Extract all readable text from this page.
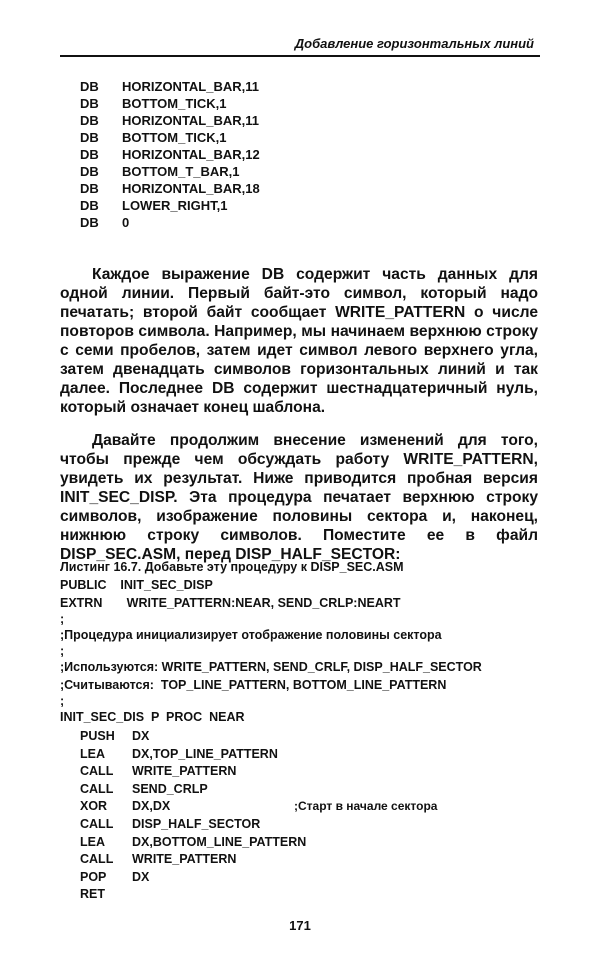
Добавление горизонтальных линий
DB	HORIZONTAL_BAR,11
DB	BOTTOM_TICK,1
DB	HORIZONTAL_BAR,11
DB	BOTTOM_TICK,1
DB	HORIZONTAL_BAR,12
DB	BOTTOM_T_BAR,1
DB	HORIZONTAL_BAR,18
DB	LOWER_RIGHT,1
DB	0

Каждое выражение DB содержит часть данных для одной линии. Первый байт-это символ, который надо печатать; второй байт сообщает WRITE_PATTERN о числе повторов символа. Например, мы начинаем верхнюю строку с семи пробелов, затем идет символ левого верхнего угла, затем двенадцать символов горизонтальных линий и так далее. Последнее DB содержит шестнадцатеричный нуль, который означает конец шаблона.

Давайте продолжим внесение изменений для того, чтобы прежде чем обсуждать работу WRITE_PATTERN, увидеть их результат. Ниже приводится пробная версия INIT_SEC_DISP. Эта процедура печатает верхнюю строку символов, изображение половины сектора и, наконец, нижнюю строку символов. Поместите ее в файл DISP_SEC.ASM, перед DISP_HALF_SECTOR:

Листинг 16.7. Добавьте эту процедуру к DISP_SEC.ASM
PUBLIC    INIT_SEC_DISP
EXTRN       WRITE_PATTERN:NEAR, SEND_CRLP:NEART
;
;Процедура инициализирует отображение половины сектора
;
;Используются: WRITE_PATTERN, SEND_CRLF, DISP_HALF_SECTOR
;Считываются:  TOP_LINE_PATTERN, BOTTOM_LINE_PATTERN
;
INIT_SEC_DIS  P  PROC  NEAR
PUSH	DX
LEA	DX,TOP_LINE_PATTERN
CALL	WRITE_PATTERN
CALL	SEND_CRLP
XOR	DX,DX	;Старт в начале сектора
CALL	DISP_HALF_SECTOR
LEA	DX,BOTTOM_LINE_PATTERN
CALL	WRITE_PATTERN
POP	DX
RET
171
